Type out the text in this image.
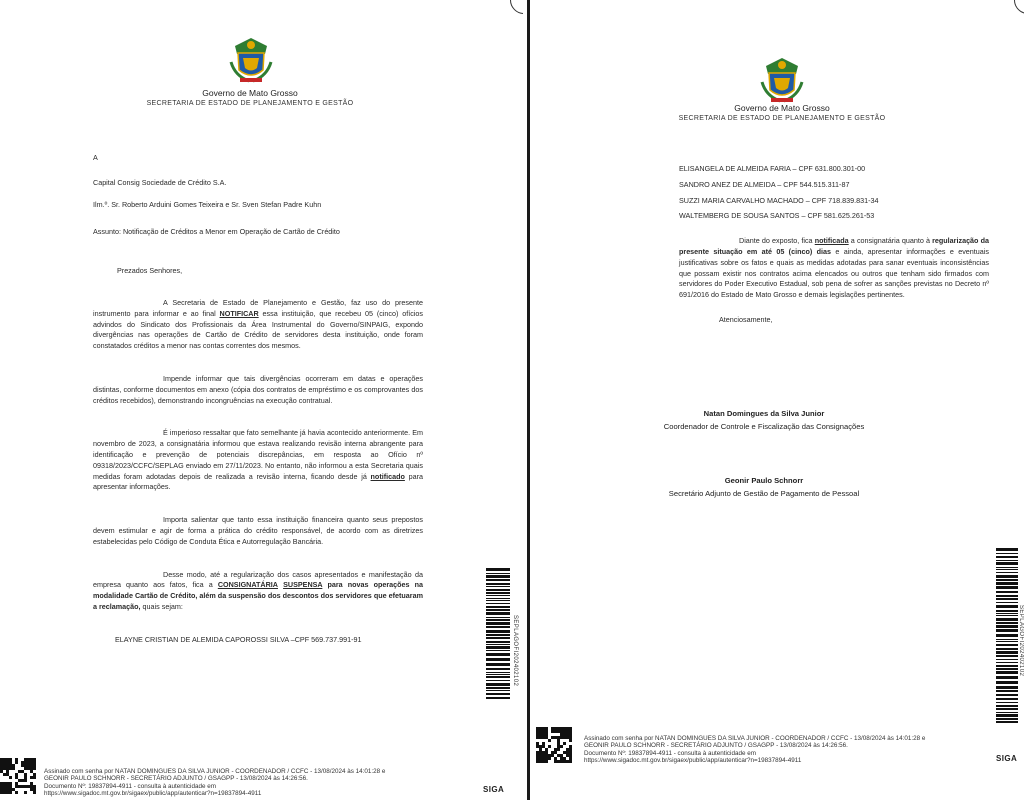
Governo de Mato Grosso
SECRETARIA DE ESTADO DE PLANEJAMENTO E GESTÃO

A

Capital Consig Sociedade de Crédito S.A.

Ilm.º. Sr. Roberto Arduini Gomes Teixeira e Sr. Sven Stefan Padre Kuhn

Assunto: Notificação de Créditos a Menor em Operação de Cartão de Crédito

Prezados Senhores,

A Secretaria de Estado de Planejamento e Gestão, faz uso do presente instrumento para informar e ao final NOTIFICAR essa instituição, que recebeu 05 (cinco) ofícios advindos do Sindicato dos Profissionais da Área Instrumental do Governo/SINPAIG, expondo divergências nas operações de Cartão de Crédito de servidores desta instituição, onde foram constatados créditos a menor nas contas correntes dos mesmos.

Impende informar que tais divergências ocorreram em datas e operações distintas, conforme documentos em anexo (cópia dos contratos de empréstimo e os comprovantes dos créditos recebidos), demonstrando incongruências na execução contratual.

É imperioso ressaltar que fato semelhante já havia acontecido anteriormente. Em novembro de 2023, a consignatária informou que estava realizando revisão interna abrangente para identificação e prevenção de potenciais discrepâncias, em resposta ao Ofício nº 09318/2023/CCFC/SEPLAG enviado em 27/11/2023. No entanto, não informou a esta Secretaria quais medidas foram adotadas depois de realizada a revisão interna, ficando desde já notificado para apresentar informações.

Importa salientar que tanto essa instituição financeira quanto seus prepostos devem estimular e agir de forma a prática do crédito responsável, de acordo com as diretrizes estabelecidas pelo Código de Conduta Ética e Autorregulação Bancária.

Desse modo, até a regularização dos casos apresentados e manifestação da empresa quanto aos fatos, fica a CONSIGNATÁRIA SUSPENSA para novas operações na modalidade Cartão de Crédito, além da suspensão dos descontos dos servidores que efetuaram a reclamação, quais sejam:

ELAYNE CRISTIAN DE ALEMIDA CAPOROSSI SILVA –CPF 569.737.991-91	SEPLAGOFI202402102
Assinado com senha por NATAN DOMINGUES DA SILVA JUNIOR - COORDENADOR / CCFC - 13/08/2024 às 14:01:28 e
GEONIR PAULO SCHNORR - SECRETÁRIO ADJUNTO / GSAGPP - 13/08/2024 às 14:26:56.
Documento Nº: 19837894-4911 - consulta à autenticidade em
https://www.sigadoc.mt.gov.br/sigaex/public/app/autenticar?n=19837894-4911	SIGA
Governo de Mato Grosso
SECRETARIA DE ESTADO DE PLANEJAMENTO E GESTÃO

ELISANGELA DE ALMEIDA FARIA – CPF 631.800.301-00

SANDRO ANEZ DE ALMEIDA – CPF 544.515.311-87

SUZZI MARIA CARVALHO MACHADO – CPF 718.839.831-34

WALTEMBERG DE SOUSA SANTOS – CPF 581.625.261-53

Diante do exposto, fica notificada a consignatária quanto à regularização da presente situação em até 05 (cinco) dias e ainda, apresentar informações e eventuais justificativas sobre os fatos e quais as medidas adotadas para sanar eventuais inconsistências que possam existir nos contratos acima elencados ou outros que tenham sido firmados com servidores do Poder Executivo Estadual, sob pena de sofrer as sanções previstas no Decreto nº 691/2016 do Estado de Mato Grosso e demais legislações pertinentes.

Atenciosamente,

Natan Domingues da Silva Junior
Coordenador de Controle e Fiscalização das Consignações
Geonir Paulo Schnorr
Secretário Adjunto de Gestão de Pagamento de Pessoal
SEPLAGOFI202402102
Assinado com senha por NATAN DOMINGUES DA SILVA JUNIOR - COORDENADOR / CCFC - 13/08/2024 às 14:01:28 e
GEONIR PAULO SCHNORR - SECRETÁRIO ADJUNTO / GSAGPP - 13/08/2024 às 14:26:56.
Documento Nº: 19837894-4911 - consulta à autenticidade em
https://www.sigadoc.mt.gov.br/sigaex/public/app/autenticar?n=19837894-4911	SIGA
